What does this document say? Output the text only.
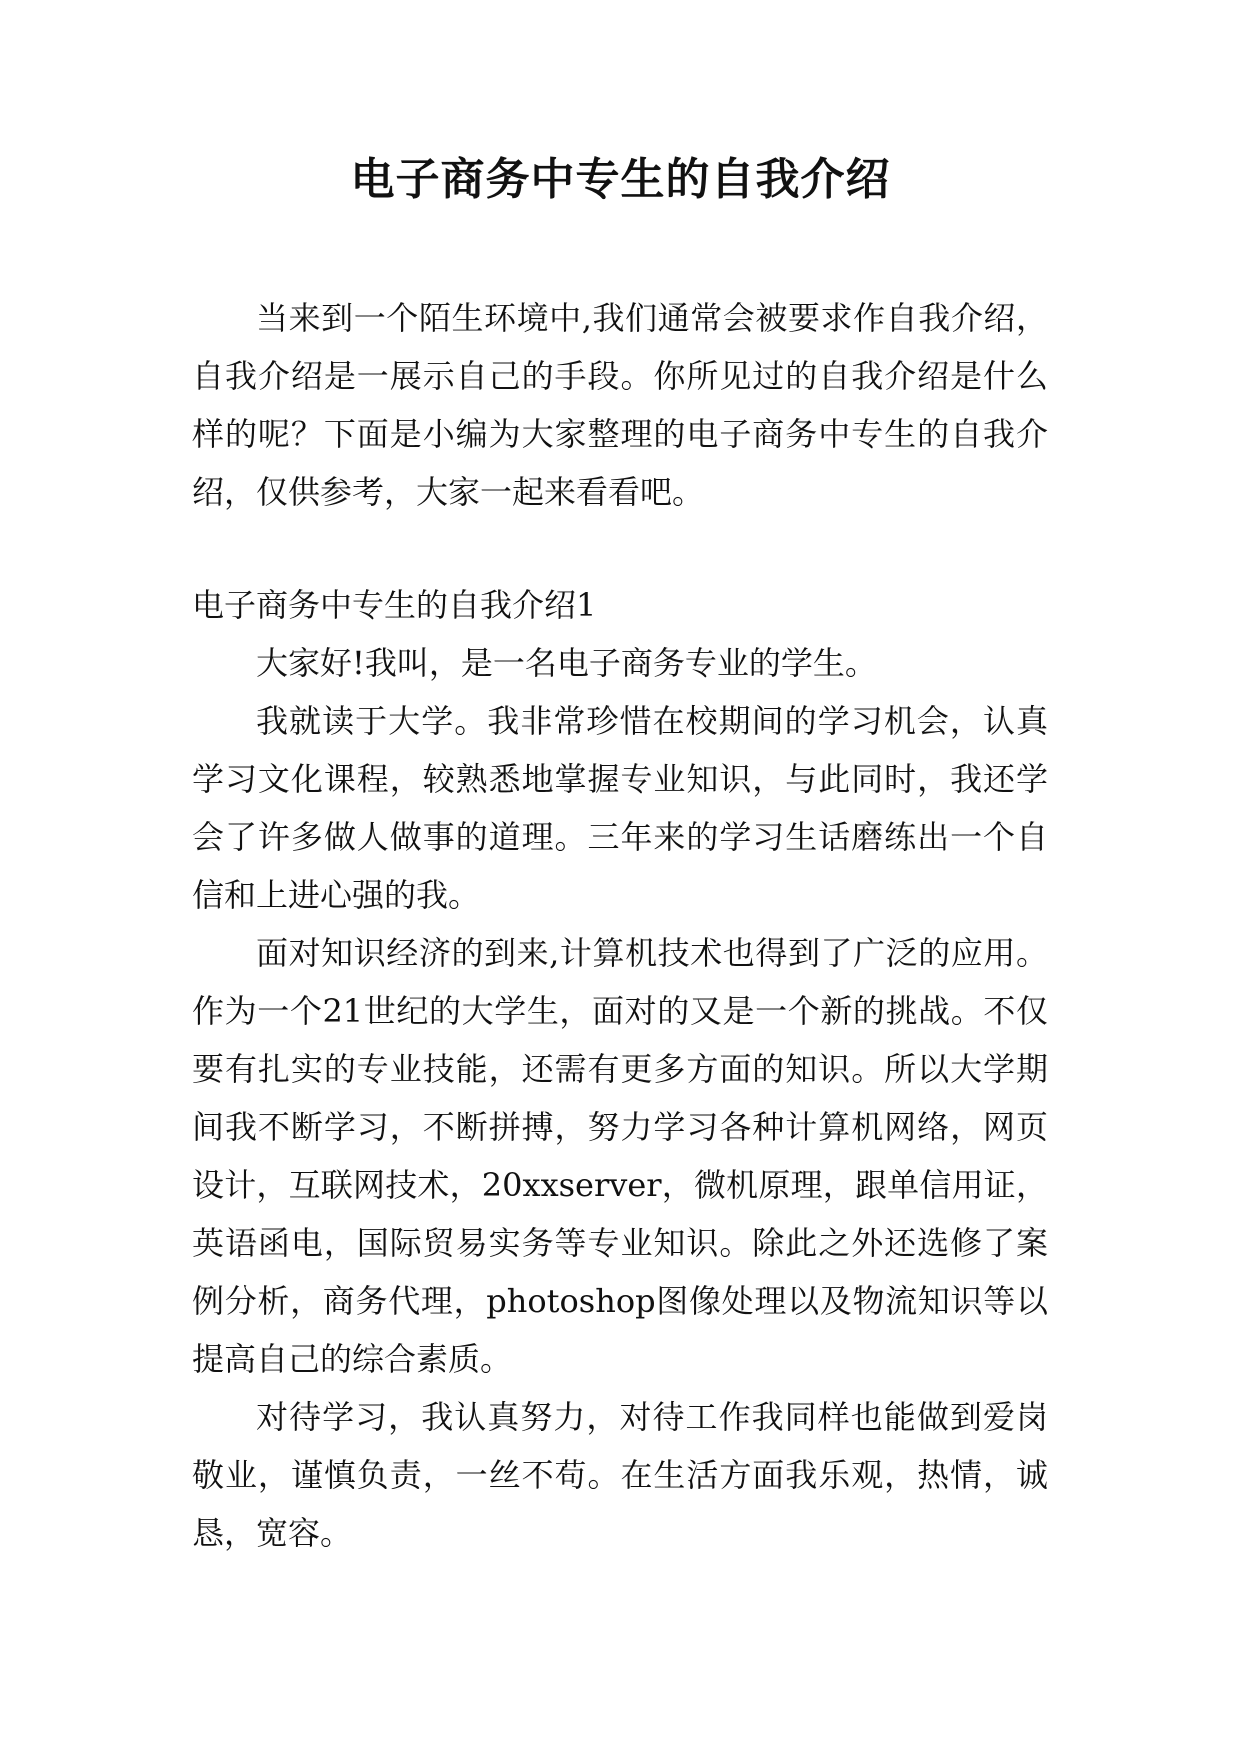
电子商务中专生的自我介绍

当来到一个陌生环境中,我们通常会被要求作自我介绍，自我介绍是一展示自己的手段。你所见过的自我介绍是什么样的呢？下面是小编为大家整理的电子商务中专生的自我介绍，仅供参考，大家一起来看看吧。

电子商务中专生的自我介绍1

大家好!我叫，是一名电子商务专业的学生。

我就读于大学。我非常珍惜在校期间的学习机会，认真学习文化课程，较熟悉地掌握专业知识，与此同时，我还学会了许多做人做事的道理。三年来的学习生话磨练出一个自信和上进心强的我。

面对知识经济的到来,计算机技术也得到了广泛的应用。作为一个21世纪的大学生，面对的又是一个新的挑战。不仅要有扎实的专业技能，还需有更多方面的知识。所以大学期间我不断学习，不断拼搏，努力学习各种计算机网络，网页设计，互联网技术，20xxserver，微机原理，跟单信用证，英语函电，国际贸易实务等专业知识。除此之外还选修了案例分析，商务代理，photoshop图像处理以及物流知识等以提高自己的综合素质。

对待学习，我认真努力，对待工作我同样也能做到爱岗敬业，谨慎负责，一丝不苟。在生活方面我乐观，热情，诚恳，宽容。
